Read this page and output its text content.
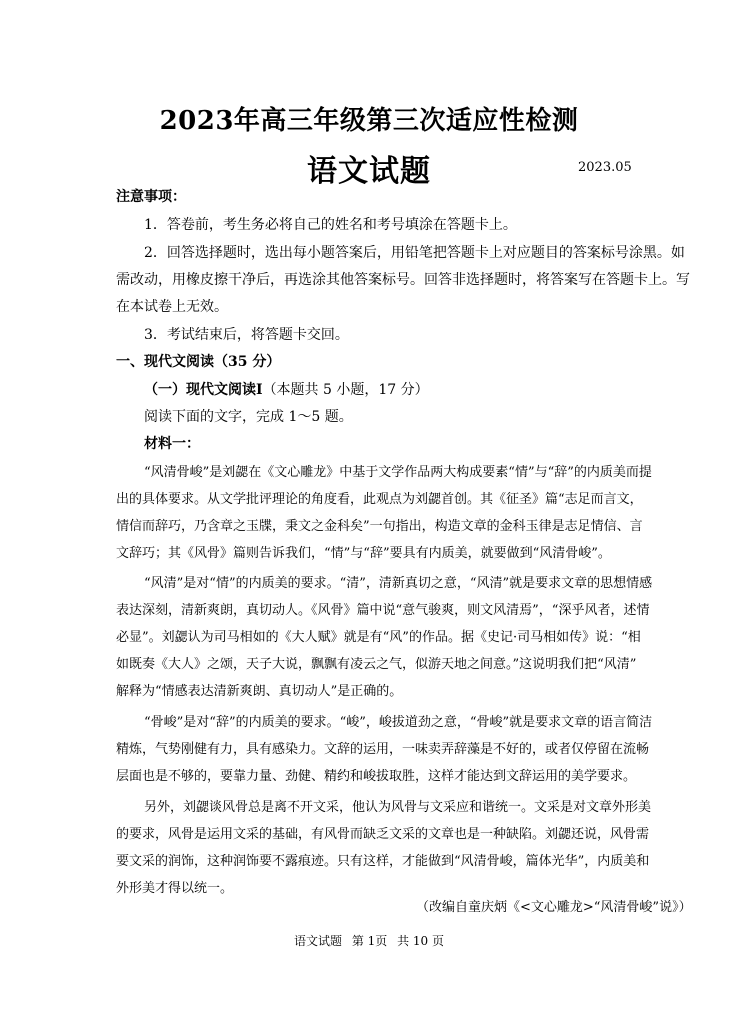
2023年高三年级第三次适应性检测
语文试题	2023.05
注意事项：
1．答卷前，考生务必将自己的姓名和考号填涂在答题卡上。
2．回答选择题时，选出每小题答案后，用铅笔把答题卡上对应题目的答案标号涂黑。如
需改动，用橡皮擦干净后，再选涂其他答案标号。回答非选择题时，将答案写在答题卡上。写
在本试卷上无效。
3．考试结束后，将答题卡交回。
一、现代文阅读（35 分）
（一）现代文阅读Ⅰ（本题共 5 小题，17 分）
阅读下面的文字，完成 1～5 题。
材料一：
“风清骨峻”是刘勰在《文心雕龙》中基于文学作品两大构成要素“情”与“辞”的内质美而提
出的具体要求。从文学批评理论的角度看，此观点为刘勰首创。其《征圣》篇“志足而言文，
情信而辞巧，乃含章之玉牒，秉文之金科矣”一句指出，构造文章的金科玉律是志足情信、言
文辞巧；其《风骨》篇则告诉我们，“情”与“辞”要具有内质美，就要做到“风清骨峻”。
“风清”是对“情”的内质美的要求。“清”，清新真切之意，“风清”就是要求文章的思想情感
表达深刻，清新爽朗，真切动人。《风骨》篇中说“意气骏爽，则文风清焉”，“深乎风者，述情
必显”。刘勰认为司马相如的《大人赋》就是有“风”的作品。据《史记·司马相如传》说：“相
如既奏《大人》之颂，天子大说，飘飘有凌云之气，似游天地之间意。”这说明我们把“风清”
解释为“情感表达清新爽朗、真切动人”是正确的。
“骨峻”是对“辞”的内质美的要求。“峻”，峻拔道劲之意，“骨峻”就是要求文章的语言简洁
精炼，气势刚健有力，具有感染力。文辞的运用，一味卖弄辞藻是不好的，或者仅停留在流畅
层面也是不够的，要靠力量、劲健、精约和峻拔取胜，这样才能达到文辞运用的美学要求。
另外，刘勰谈风骨总是离不开文采，他认为风骨与文采应和谐统一。文采是对文章外形美
的要求，风骨是运用文采的基础，有风骨而缺乏文采的文章也是一种缺陷。刘勰还说，风骨需
要文采的润饰，这种润饰要不露痕迹。只有这样，才能做到“风清骨峻，篇体光华”，内质美和
外形美才得以统一。
（改编自童庆炳《<文心雕龙>“风清骨峻”说》）
语文试题 第 1页 共 10 页
